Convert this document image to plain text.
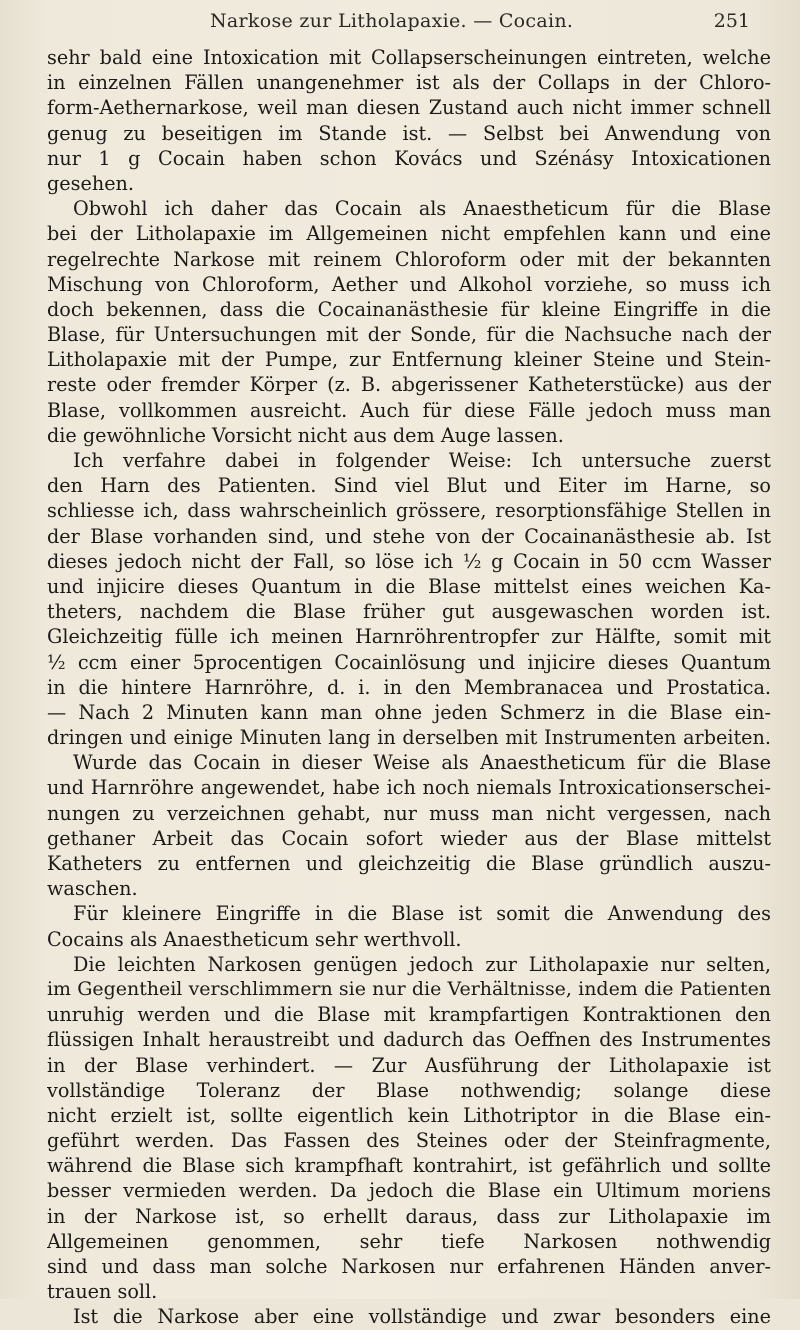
Narkose zur Litholapaxie. — Cocain.	251
sehr bald eine Intoxication mit Collapserscheinungen eintreten, welche
in einzelnen Fällen unangenehmer ist als der Collaps in der Chloro-
form-Aethernarkose, weil man diesen Zustand auch nicht immer schnell
genug zu beseitigen im Stande ist. — Selbst bei Anwendung von
nur 1 g Cocain haben schon Kovács und Szénásy Intoxicationen
gesehen.
Obwohl ich daher das Cocain als Anaestheticum für die Blase
bei der Litholapaxie im Allgemeinen nicht empfehlen kann und eine
regelrechte Narkose mit reinem Chloroform oder mit der bekannten
Mischung von Chloroform, Aether und Alkohol vorziehe, so muss ich
doch bekennen, dass die Cocainanästhesie für kleine Eingriffe in die
Blase, für Untersuchungen mit der Sonde, für die Nachsuche nach der
Litholapaxie mit der Pumpe, zur Entfernung kleiner Steine und Stein-
reste oder fremder Körper (z. B. abgerissener Katheterstücke) aus der
Blase, vollkommen ausreicht. Auch für diese Fälle jedoch muss man
die gewöhnliche Vorsicht nicht aus dem Auge lassen.
Ich verfahre dabei in folgender Weise: Ich untersuche zuerst
den Harn des Patienten. Sind viel Blut und Eiter im Harne, so
schliesse ich, dass wahrscheinlich grössere, resorptionsfähige Stellen in
der Blase vorhanden sind, und stehe von der Cocainanästhesie ab. Ist
dieses jedoch nicht der Fall, so löse ich ½ g Cocain in 50 ccm Wasser
und injicire dieses Quantum in die Blase mittelst eines weichen Ka-
theters, nachdem die Blase früher gut ausgewaschen worden ist.
Gleichzeitig fülle ich meinen Harnröhrentropfer zur Hälfte, somit mit
½ ccm einer 5procentigen Cocainlösung und injicire dieses Quantum
in die hintere Harnröhre, d. i. in den Membranacea und Prostatica.
— Nach 2 Minuten kann man ohne jeden Schmerz in die Blase ein-
dringen und einige Minuten lang in derselben mit Instrumenten arbeiten.
Wurde das Cocain in dieser Weise als Anaestheticum für die Blase
und Harnröhre angewendet, habe ich noch niemals Introxicationserschei-
nungen zu verzeichnen gehabt, nur muss man nicht vergessen, nach
gethaner Arbeit das Cocain sofort wieder aus der Blase mittelst
Katheters zu entfernen und gleichzeitig die Blase gründlich auszu-
waschen.
Für kleinere Eingriffe in die Blase ist somit die Anwendung des
Cocains als Anaestheticum sehr werthvoll.
Die leichten Narkosen genügen jedoch zur Litholapaxie nur selten,
im Gegentheil verschlimmern sie nur die Verhältnisse, indem die Patienten
unruhig werden und die Blase mit krampfartigen Kontraktionen den
flüssigen Inhalt heraustreibt und dadurch das Oeffnen des Instrumentes
in der Blase verhindert. — Zur Ausführung der Litholapaxie ist
vollständige Toleranz der Blase nothwendig; solange diese
nicht erzielt ist, sollte eigentlich kein Lithotriptor in die Blase ein-
geführt werden. Das Fassen des Steines oder der Steinfragmente,
während die Blase sich krampfhaft kontrahirt, ist gefährlich und sollte
besser vermieden werden. Da jedoch die Blase ein Ultimum moriens
in der Narkose ist, so erhellt daraus, dass zur Litholapaxie im
Allgemeinen genommen, sehr tiefe Narkosen nothwendig
sind und dass man solche Narkosen nur erfahrenen Händen anver-
trauen soll.
Ist die Narkose aber eine vollständige und zwar besonders eine
